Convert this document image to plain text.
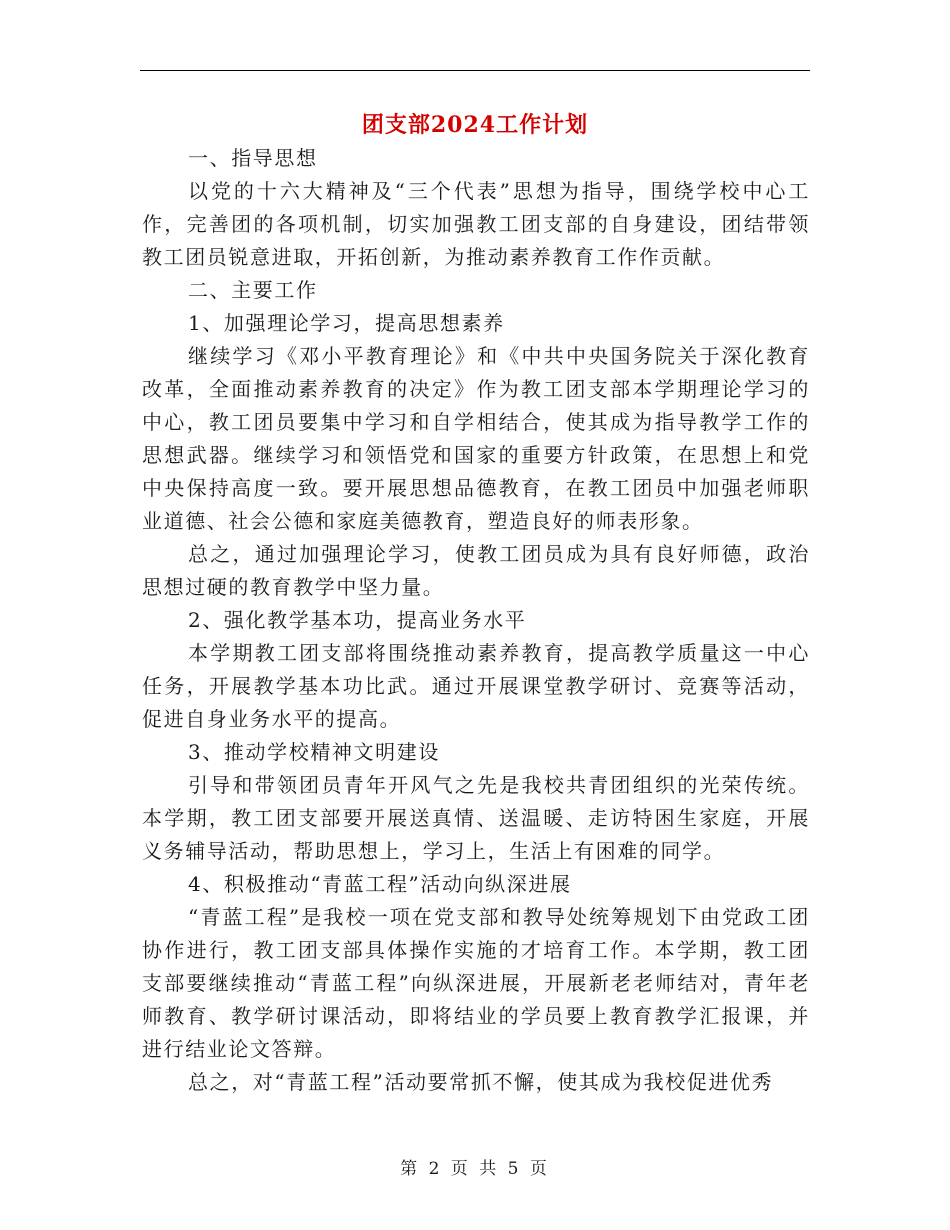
团支部2024工作计划

一、指导思想

以党的十六大精神及“三个代表”思想为指导，围绕学校中心工作，完善团的各项机制，切实加强教工团支部的自身建设，团结带领教工团员锐意进取，开拓创新，为推动素养教育工作作贡献。

二、主要工作

1、加强理论学习，提高思想素养

继续学习《邓小平教育理论》和《中共中央国务院关于深化教育改革，全面推动素养教育的决定》作为教工团支部本学期理论学习的中心，教工团员要集中学习和自学相结合，使其成为指导教学工作的思想武器。继续学习和领悟党和国家的重要方针政策，在思想上和党中央保持高度一致。要开展思想品德教育，在教工团员中加强老师职业道德、社会公德和家庭美德教育，塑造良好的师表形象。

总之，通过加强理论学习，使教工团员成为具有良好师德，政治思想过硬的教育教学中坚力量。

2、强化教学基本功，提高业务水平

本学期教工团支部将围绕推动素养教育，提高教学质量这一中心任务，开展教学基本功比武。通过开展课堂教学研讨、竞赛等活动，促进自身业务水平的提高。

3、推动学校精神文明建设

引导和带领团员青年开风气之先是我校共青团组织的光荣传统。本学期，教工团支部要开展送真情、送温暖、走访特困生家庭，开展义务辅导活动，帮助思想上，学习上，生活上有困难的同学。

4、积极推动“青蓝工程”活动向纵深进展

“青蓝工程”是我校一项在党支部和教导处统筹规划下由党政工团协作进行，教工团支部具体操作实施的才培育工作。本学期，教工团支部要继续推动“青蓝工程”向纵深进展，开展新老老师结对，青年老师教育、教学研讨课活动，即将结业的学员要上教育教学汇报课，并进行结业论文答辩。

总之，对“青蓝工程”活动要常抓不懈，使其成为我校促进优秀

第 2 页 共 5 页
